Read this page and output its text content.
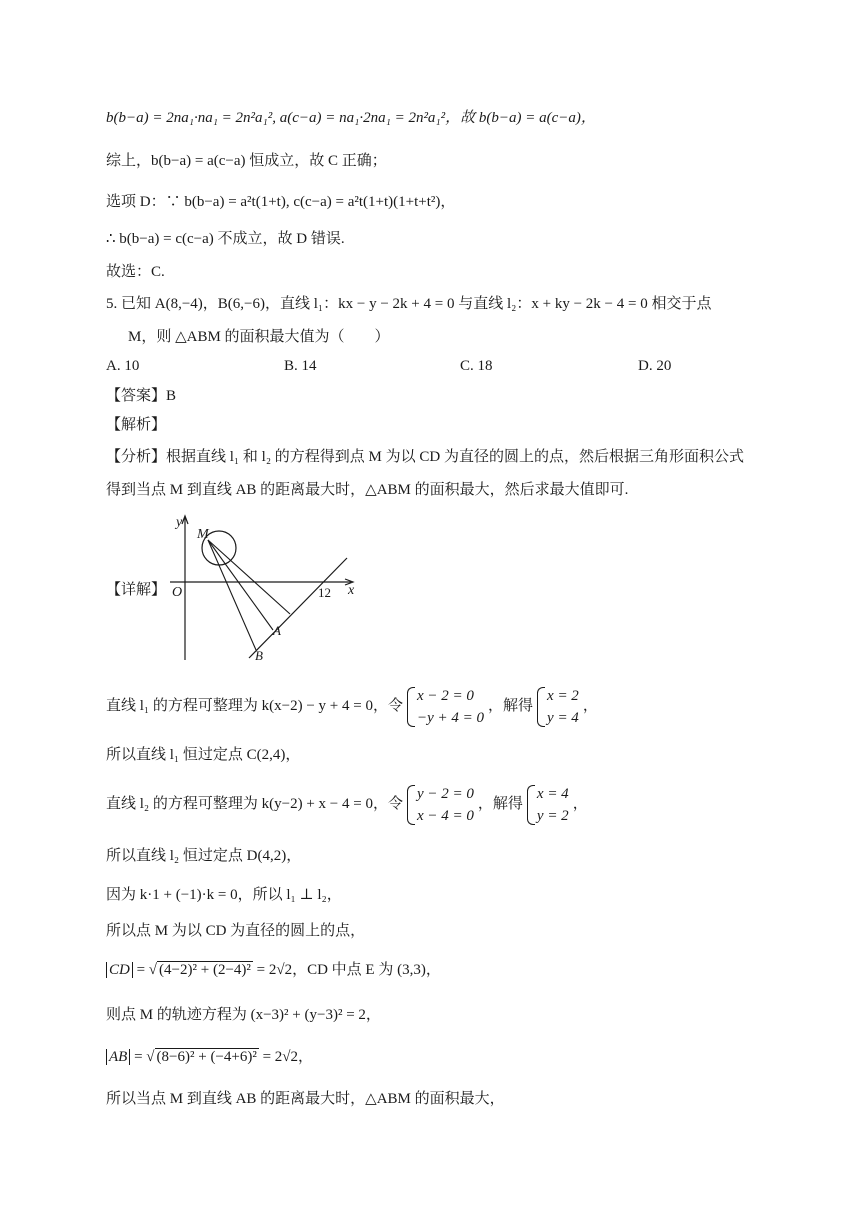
b(b−a) = 2na₁·na₁ = 2n²a₁², a(c−a) = na₁·2na₁ = 2n²a₁²，故 b(b−a) = a(c−a)，
综上，b(b−a) = a(c−a) 恒成立，故 C 正确；
选项 D：∵ b(b−a) = a²t(1+t), c(c−a) = a²t(1+t)(1+t+t²)，
∴ b(b−a) = c(c−a) 不成立，故 D 错误.
故选：C.
5. 已知 A(8,−4)，B(6,−6)，直线 l₁：kx − y − 2k + 4 = 0 与直线 l₂：x + ky − 2k − 4 = 0 相交于点
M，则 △ABM 的面积最大值为（　　）
A. 10	B. 14	C. 18	D. 20
【答案】B
【解析】
【分析】根据直线 l₁ 和 l₂ 的方程得到点 M 为以 CD 为直径的圆上的点，然后根据三角形面积公式
得到当点 M 到直线 AB 的距离最大时，△ABM 的面积最大，然后求最大值即可.
【详解】
y
x
O	12
M
A
B
直线 l₁ 的方程可整理为 k(x−2) − y + 4 = 0，令
x − 2 = 0
−y + 4 = 0
，解得
x = 2
y = 4
，
所以直线 l₁ 恒过定点 C(2,4)，
直线 l₂ 的方程可整理为 k(y−2) + x − 4 = 0，令
y − 2 = 0
x − 4 = 0
，解得
x = 4
y = 2
，
所以直线 l₂ 恒过定点 D(4,2)，
因为 k·1 + (−1)·k = 0，所以 l₁ ⊥ l₂，
所以点 M 为以 CD 为直径的圆上的点，
CD = √ (4−2)² + (2−4)² = 2√2，CD 中点 E 为 (3,3)，
则点 M 的轨迹方程为 (x−3)² + (y−3)² = 2，
AB = √ (8−6)² + (−4+6)² = 2√2，
所以当点 M 到直线 AB 的距离最大时，△ABM 的面积最大，
